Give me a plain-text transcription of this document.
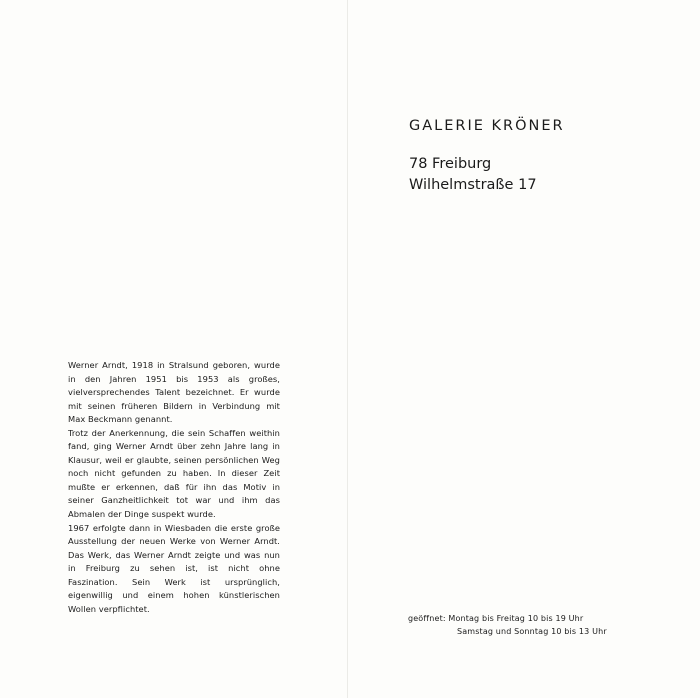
Werner Arndt, 1918 in Stralsund geboren, wurde in den Jahren 1951 bis 1953 als großes, vielversprechendes Talent bezeichnet. Er wurde mit seinen früheren Bildern in Verbindung mit Max Beckmann genannt.

Trotz der Anerkennung, die sein Schaffen weithin fand, ging Werner Arndt über zehn Jahre lang in Klausur, weil er glaubte, seinen persönlichen Weg noch nicht gefunden zu haben. In dieser Zeit mußte er erkennen, daß für ihn das Motiv in seiner Ganzheitlichkeit tot war und ihm das Abmalen der Dinge suspekt wurde.

1967 erfolgte dann in Wiesbaden die erste große Ausstellung der neuen Werke von Werner Arndt. Das Werk, das Werner Arndt zeigte und was nun in Freiburg zu sehen ist, ist nicht ohne Faszination. Sein Werk ist ursprünglich, eigenwillig und einem hohen künstlerischen Wollen verpflichtet.

GALERIE KRÖNER
78 Freiburg
Wilhelmstraße 17
geöffnet: Montag bis Freitag 10 bis 19 Uhr
Samstag und Sonntag 10 bis 13 Uhr
